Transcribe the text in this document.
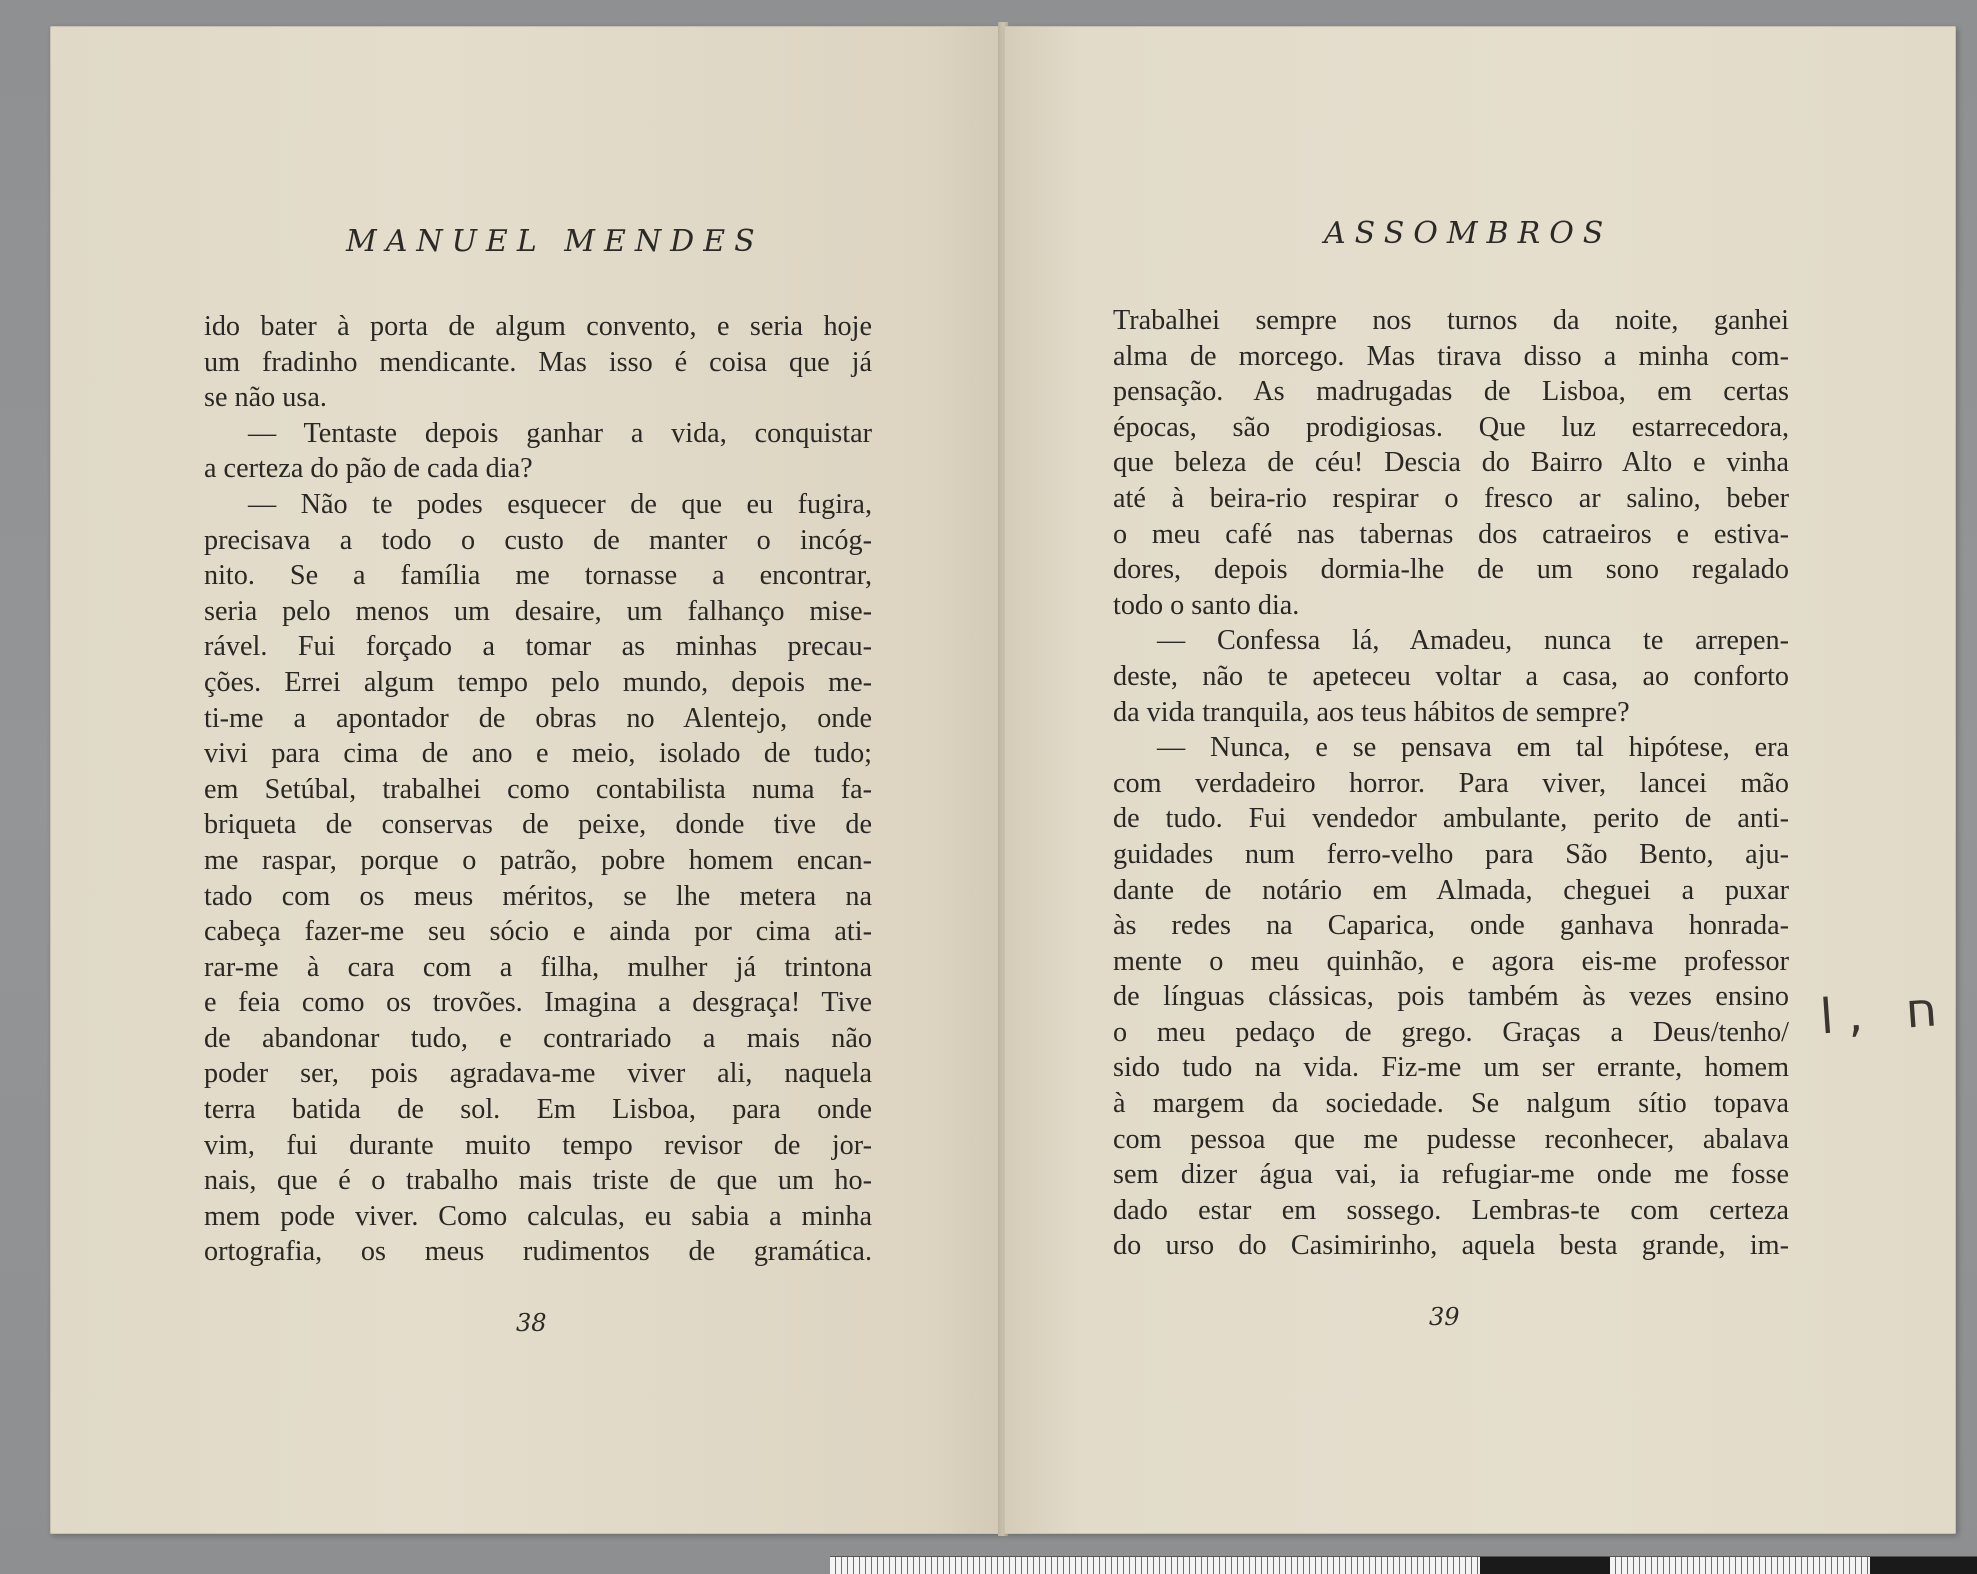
MANUEL MENDES
ido bater à porta de algum convento, e seria hoje
um fradinho mendicante. Mas isso é coisa que já
se não usa.
— Tentaste depois ganhar a vida, conquistar
a certeza do pão de cada dia?
— Não te podes esquecer de que eu fugira,
precisava a todo o custo de manter o incóg-
nito. Se a família me tornasse a encontrar,
seria pelo menos um desaire, um falhanço mise-
rável. Fui forçado a tomar as minhas precau-
ções. Errei algum tempo pelo mundo, depois me-
ti-me a apontador de obras no Alentejo, onde
vivi para cima de ano e meio, isolado de tudo;
em Setúbal, trabalhei como contabilista numa fa-
briqueta de conservas de peixe, donde tive de
me raspar, porque o patrão, pobre homem encan-
tado com os meus méritos, se lhe metera na
cabeça fazer-me seu sócio e ainda por cima ati-
rar-me à cara com a filha, mulher já trintona
e feia como os trovões. Imagina a desgraça! Tive
de abandonar tudo, e contrariado a mais não
poder ser, pois agradava-me viver ali, naquela
terra batida de sol. Em Lisboa, para onde
vim, fui durante muito tempo revisor de jor-
nais, que é o trabalho mais triste de que um ho-
mem pode viver. Como calculas, eu sabia a minha
ortografia, os meus rudimentos de gramática.
38
ASSOMBROS
Trabalhei sempre nos turnos da noite, ganhei
alma de morcego. Mas tirava disso a minha com-
pensação. As madrugadas de Lisboa, em certas
épocas, são prodigiosas. Que luz estarrecedora,
que beleza de céu! Descia do Bairro Alto e vinha
até à beira-rio respirar o fresco ar salino, beber
o meu café nas tabernas dos catraeiros e estiva-
dores, depois dormia-lhe de um sono regalado
todo o santo dia.
— Confessa lá, Amadeu, nunca te arrepen-
deste, não te apeteceu voltar a casa, ao conforto
da vida tranquila, aos teus hábitos de sempre?
— Nunca, e se pensava em tal hipótese, era
com verdadeiro horror. Para viver, lancei mão
de tudo. Fui vendedor ambulante, perito de anti-
guidades num ferro-velho para São Bento, aju-
dante de notário em Almada, cheguei a puxar
às redes na Caparica, onde ganhava honrada-
mente o meu quinhão, e agora eis-me professor
de línguas clássicas, pois também às vezes ensino
o meu pedaço de grego. Graças a Deus/tenho/
sido tudo na vida. Fiz-me um ser errante, homem
à margem da sociedade. Se nalgum sítio topava
com pessoa que me pudesse reconhecer, abalava
sem dizer água vai, ia refugiar-me onde me fosse
dado estar em sossego. Lembras-te com certeza
do urso do Casimirinho, aquela besta grande, im-
39
l, ח
